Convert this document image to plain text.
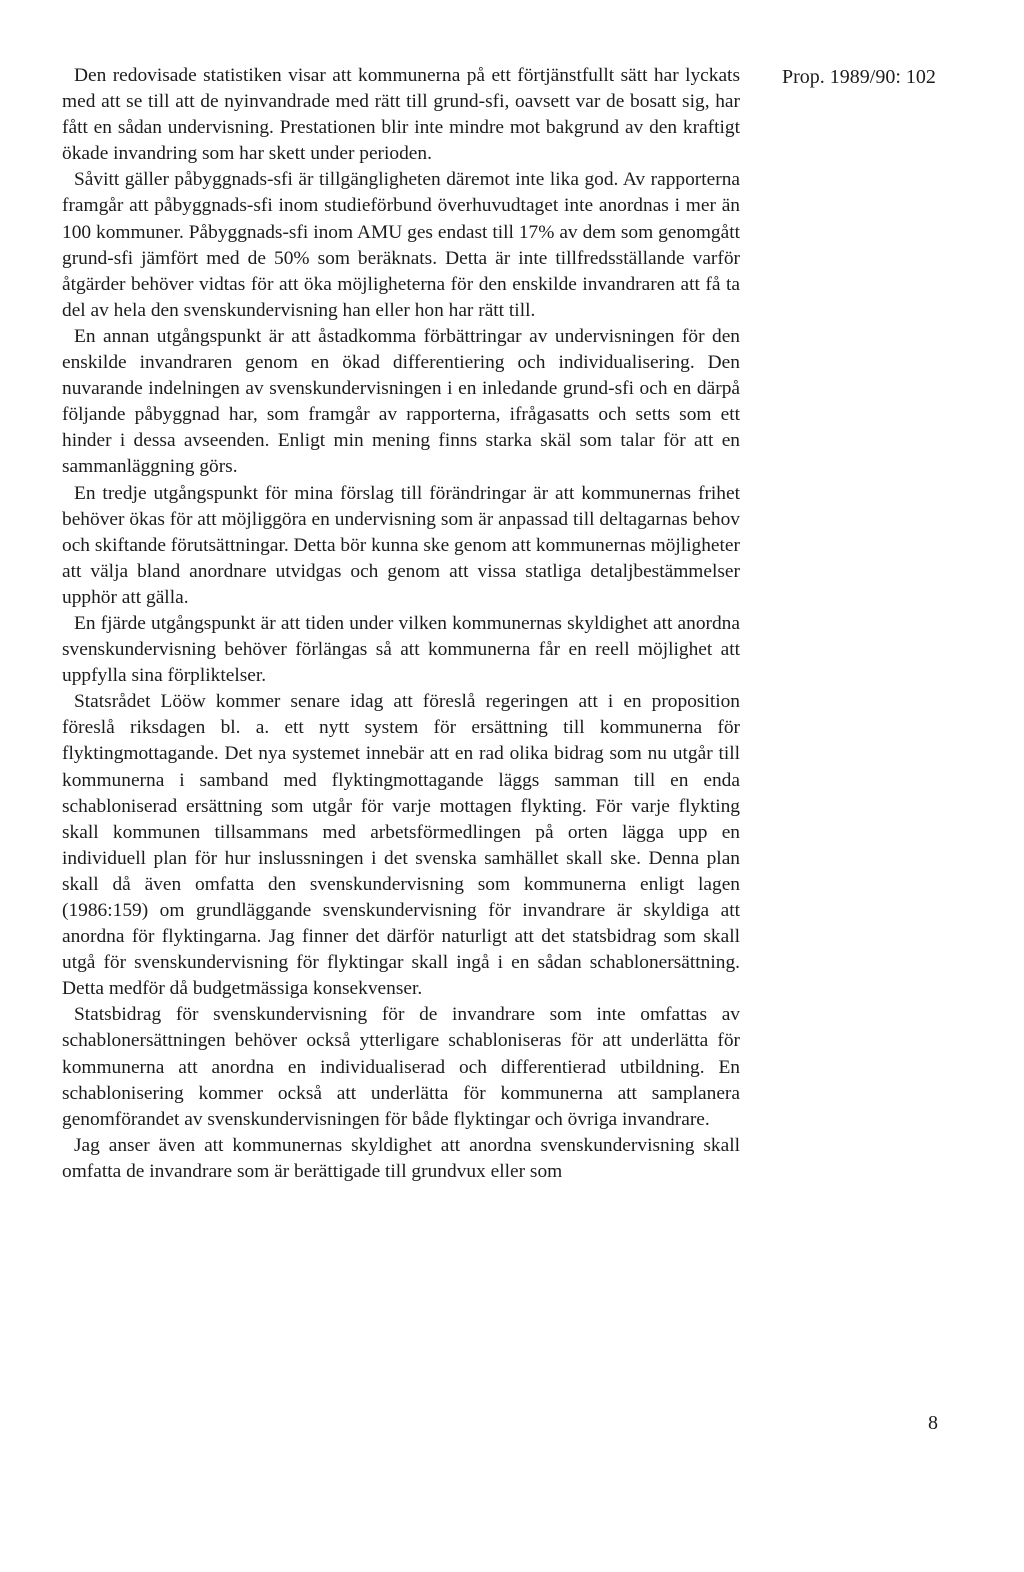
Prop. 1989/90: 102

Den redovisade statistiken visar att kommunerna på ett förtjänstfullt sätt har lyckats med att se till att de nyinvandrade med rätt till grund-sfi, oavsett var de bosatt sig, har fått en sådan undervisning. Prestationen blir inte mindre mot bakgrund av den kraftigt ökade invandring som har skett under perioden.

Såvitt gäller påbyggnads-sfi är tillgängligheten däremot inte lika god. Av rapporterna framgår att påbyggnads-sfi inom studieförbund överhuvudtaget inte anordnas i mer än 100 kommuner. Påbyggnads-sfi inom AMU ges endast till 17% av dem som genomgått grund-sfi jämfört med de 50% som beräknats. Detta är inte tillfredsställande varför åtgärder behöver vidtas för att öka möjligheterna för den enskilde invandraren att få ta del av hela den svenskundervisning han eller hon har rätt till.

En annan utgångspunkt är att åstadkomma förbättringar av undervisningen för den enskilde invandraren genom en ökad differentiering och individualisering. Den nuvarande indelningen av svenskundervisningen i en inledande grund-sfi och en därpå följande påbyggnad har, som framgår av rapporterna, ifrågasatts och setts som ett hinder i dessa avseenden. Enligt min mening finns starka skäl som talar för att en sammanläggning görs.

En tredje utgångspunkt för mina förslag till förändringar är att kommunernas frihet behöver ökas för att möjliggöra en undervisning som är anpassad till deltagarnas behov och skiftande förutsättningar. Detta bör kunna ske genom att kommunernas möjligheter att välja bland anordnare utvidgas och genom att vissa statliga detaljbestämmelser upphör att gälla.

En fjärde utgångspunkt är att tiden under vilken kommunernas skyldighet att anordna svenskundervisning behöver förlängas så att kommunerna får en reell möjlighet att uppfylla sina förpliktelser.

Statsrådet Lööw kommer senare idag att föreslå regeringen att i en proposition föreslå riksdagen bl. a. ett nytt system för ersättning till kommunerna för flyktingmottagande. Det nya systemet innebär att en rad olika bidrag som nu utgår till kommunerna i samband med flyktingmottagande läggs samman till en enda schabloniserad ersättning som utgår för varje mottagen flykting. För varje flykting skall kommunen tillsammans med arbetsförmedlingen på orten lägga upp en individuell plan för hur inslussningen i det svenska samhället skall ske. Denna plan skall då även omfatta den svenskundervisning som kommunerna enligt lagen (1986:159) om grundläggande svenskundervisning för invandrare är skyldiga att anordna för flyktingarna. Jag finner det därför naturligt att det statsbidrag som skall utgå för svenskundervisning för flyktingar skall ingå i en sådan schablonersättning. Detta medför då budgetmässiga konsekvenser.

Statsbidrag för svenskundervisning för de invandrare som inte omfattas av schablonersättningen behöver också ytterligare schabloniseras för att underlätta för kommunerna att anordna en individualiserad och differentierad utbildning. En schablonisering kommer också att underlätta för kommunerna att samplanera genomförandet av svenskundervisningen för både flyktingar och övriga invandrare.

Jag anser även att kommunernas skyldighet att anordna svenskundervisning skall omfatta de invandrare som är berättigade till grundvux eller som

8
